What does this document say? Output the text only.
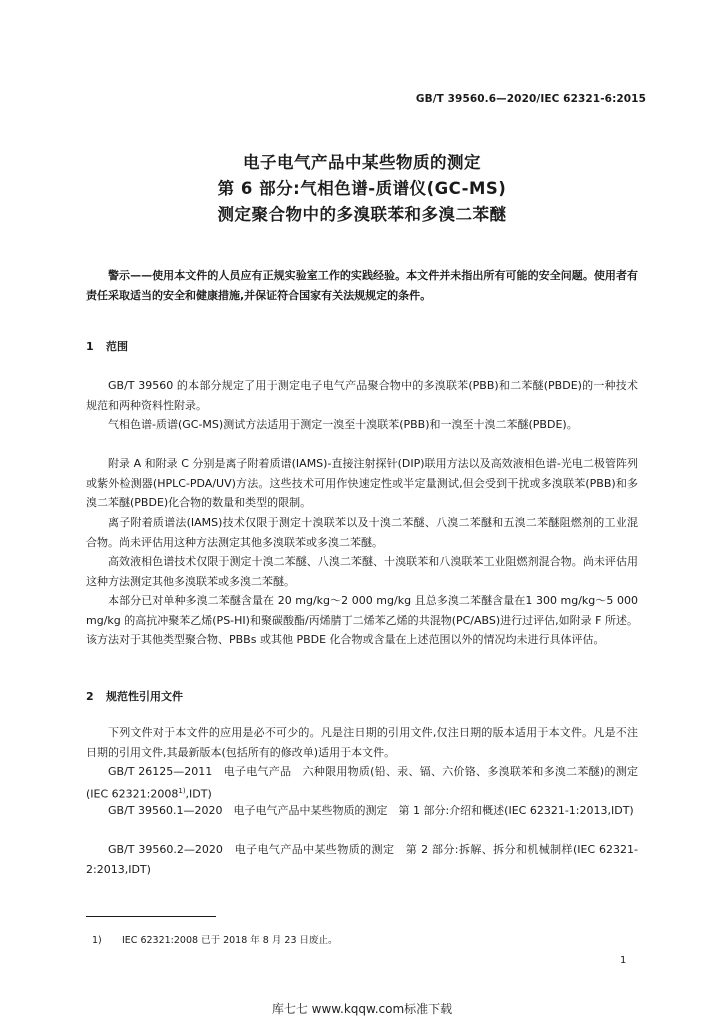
GB/T 39560.6—2020/IEC 62321-6:2015
电子电气产品中某些物质的测定
第 6 部分:气相色谱-质谱仪(GC-MS)
测定聚合物中的多溴联苯和多溴二苯醚
警示——使用本文件的人员应有正规实验室工作的实践经验。本文件并未指出所有可能的安全问题。使用者有责任采取适当的安全和健康措施,并保证符合国家有关法规规定的条件。
1 范围
GB/T 39560 的本部分规定了用于测定电子电气产品聚合物中的多溴联苯(PBB)和二苯醚(PBDE)的一种技术规范和两种资料性附录。
气相色谱-质谱(GC-MS)测试方法适用于测定一溴至十溴联苯(PBB)和一溴至十溴二苯醚(PBDE)。
附录 A 和附录 C 分别是离子附着质谱(IAMS)-直接注射探针(DIP)联用方法以及高效液相色谱-光电二极管阵列或紫外检测器(HPLC-PDA/UV)方法。这些技术可用作快速定性或半定量测试,但会受到干扰或多溴联苯(PBB)和多溴二苯醚(PBDE)化合物的数量和类型的限制。
离子附着质谱法(IAMS)技术仅限于测定十溴联苯以及十溴二苯醚、八溴二苯醚和五溴二苯醚阻燃剂的工业混合物。尚未评估用这种方法测定其他多溴联苯或多溴二苯醚。
高效液相色谱技术仅限于测定十溴二苯醚、八溴二苯醚、十溴联苯和八溴联苯工业阻燃剂混合物。尚未评估用这种方法测定其他多溴联苯或多溴二苯醚。
本部分已对单种多溴二苯醚含量在 20 mg/kg～2 000 mg/kg 且总多溴二苯醚含量在1 300 mg/kg～5 000 mg/kg 的高抗冲聚苯乙烯(PS-HI)和聚碳酸酯/丙烯腈丁二烯苯乙烯的共混物(PC/ABS)进行过评估,如附录 F 所述。该方法对于其他类型聚合物、PBBs 或其他 PBDE 化合物或含量在上述范围以外的情况均未进行具体评估。
2 规范性引用文件
下列文件对于本文件的应用是必不可少的。凡是注日期的引用文件,仅注日期的版本适用于本文件。凡是不注日期的引用文件,其最新版本(包括所有的修改单)适用于本文件。
GB/T 26125—2011　电子电气产品　六种限用物质(铅、汞、镉、六价铬、多溴联苯和多溴二苯醚)的测定(IEC 62321:2008$^{1)}$,IDT)
GB/T 39560.1—2020　电子电气产品中某些物质的测定　第 1 部分:介绍和概述(IEC 62321-1:2013,IDT)
GB/T 39560.2—2020　电子电气产品中某些物质的测定　第 2 部分:拆解、拆分和机械制样(IEC 62321-2:2013,IDT)
1) IEC 62321:2008 已于 2018 年 8 月 23 日废止。
1
库七七 www.kqqw.com标准下载
